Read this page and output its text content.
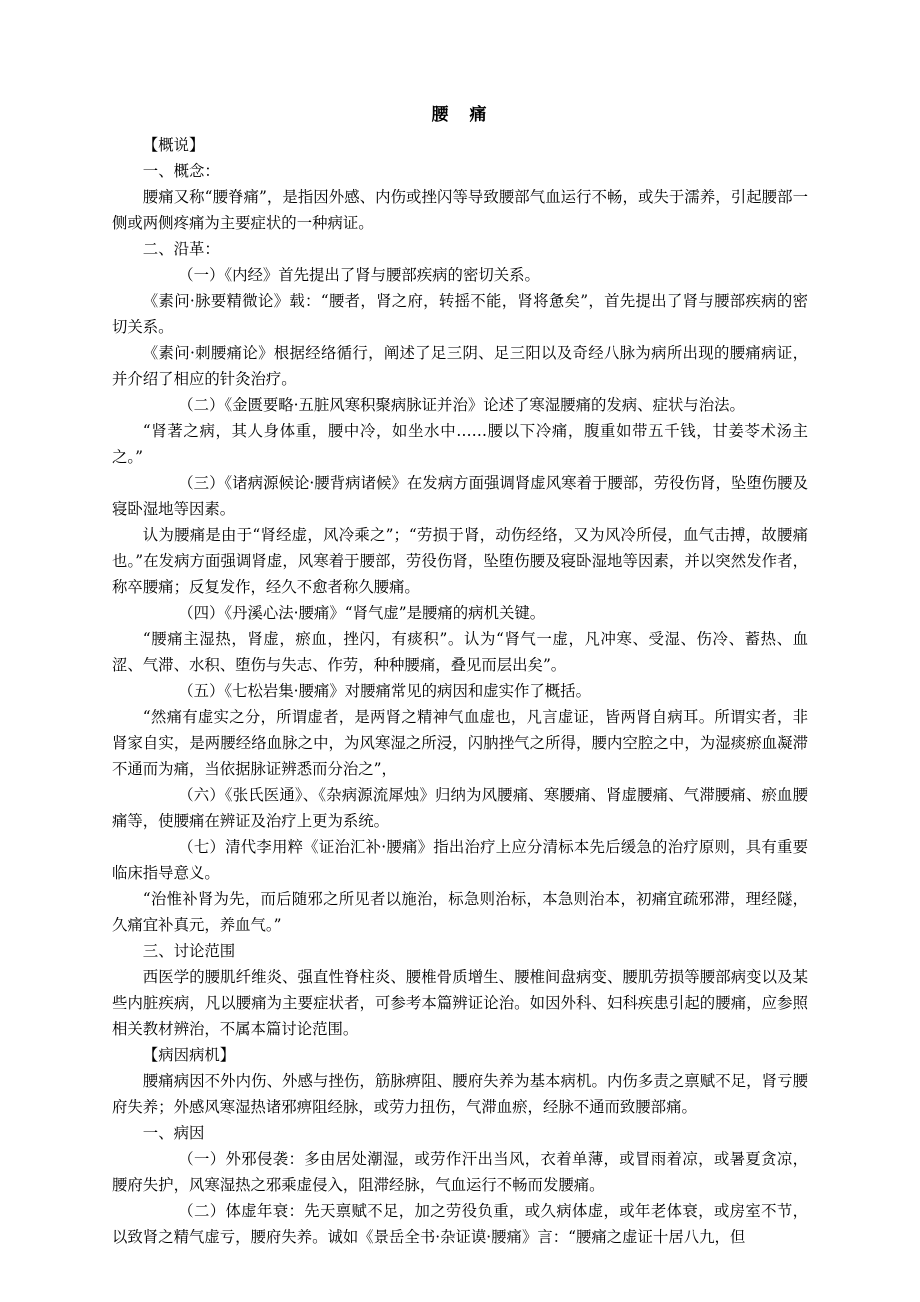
腰　痛

【概说】

一、概念：

腰痛又称“腰脊痛”，是指因外感、内伤或挫闪等导致腰部气血运行不畅，或失于濡养，引起腰部一侧或两侧疼痛为主要症状的一种病证。

二、沿革：

（一）《内经》首先提出了肾与腰部疾病的密切关系。

《素问·脉要精微论》载：“腰者，肾之府，转摇不能，肾将惫矣”，首先提出了肾与腰部疾病的密切关系。

《素问·刺腰痛论》根据经络循行，阐述了足三阴、足三阳以及奇经八脉为病所出现的腰痛病证，并介绍了相应的针灸治疗。

（二）《金匮要略·五脏风寒积聚病脉证并治》论述了寒湿腰痛的发病、症状与治法。

“肾著之病，其人身体重，腰中冷，如坐水中……腰以下冷痛，腹重如带五千钱，甘姜苓术汤主之。”

（三）《诸病源候论·腰背病诸候》在发病方面强调肾虚风寒着于腰部，劳役伤肾，坠堕伤腰及寝卧湿地等因素。

认为腰痛是由于“肾经虚，风冷乘之”；“劳损于肾，动伤经络，又为风冷所侵，血气击搏，故腰痛也。”在发病方面强调肾虚，风寒着于腰部，劳役伤肾，坠堕伤腰及寝卧湿地等因素，并以突然发作者，称卒腰痛；反复发作，经久不愈者称久腰痛。

（四）《丹溪心法·腰痛》“肾气虚”是腰痛的病机关键。

“腰痛主湿热，肾虚，瘀血，挫闪，有痰积”。认为“肾气一虚，凡冲寒、受湿、伤冷、蓄热、血涩、气滞、水积、堕伤与失志、作劳，种种腰痛，叠见而层出矣”。

（五）《七松岩集·腰痛》对腰痛常见的病因和虚实作了概括。

“然痛有虚实之分，所谓虚者，是两肾之精神气血虚也，凡言虚证，皆两肾自病耳。所谓实者，非肾家自实，是两腰经络血脉之中，为风寒湿之所浸，闪肭挫气之所得，腰内空腔之中，为湿痰瘀血凝滞不通而为痛，当依据脉证辨悉而分治之”，

（六）《张氏医通》、《杂病源流犀烛》归纳为风腰痛、寒腰痛、肾虚腰痛、气滞腰痛、瘀血腰痛等，使腰痛在辨证及治疗上更为系统。

（七）清代李用粹《证治汇补·腰痛》指出治疗上应分清标本先后缓急的治疗原则，具有重要临床指导意义。

“治惟补肾为先，而后随邪之所见者以施治，标急则治标，本急则治本，初痛宜疏邪滞，理经隧，久痛宜补真元，养血气。”

三、讨论范围

西医学的腰肌纤维炎、强直性脊柱炎、腰椎骨质增生、腰椎间盘病变、腰肌劳损等腰部病变以及某些内脏疾病，凡以腰痛为主要症状者，可参考本篇辨证论治。如因外科、妇科疾患引起的腰痛，应参照相关教材辨治，不属本篇讨论范围。

【病因病机】

腰痛病因不外内伤、外感与挫伤，筋脉痹阻、腰府失养为基本病机。内伤多责之禀赋不足，肾亏腰府失养；外感风寒湿热诸邪痹阻经脉，或劳力扭伤，气滞血瘀，经脉不通而致腰部痛。

一、病因

（一）外邪侵袭：多由居处潮湿，或劳作汗出当风，衣着单薄，或冒雨着凉，或暑夏贪凉，腰府失护，风寒湿热之邪乘虚侵入，阻滞经脉，气血运行不畅而发腰痛。

（二）体虚年衰：先天禀赋不足，加之劳役负重，或久病体虚，或年老体衰，或房室不节，以致肾之精气虚亏，腰府失养。诚如《景岳全书·杂证谟·腰痛》言：“腰痛之虚证十居八九，但
